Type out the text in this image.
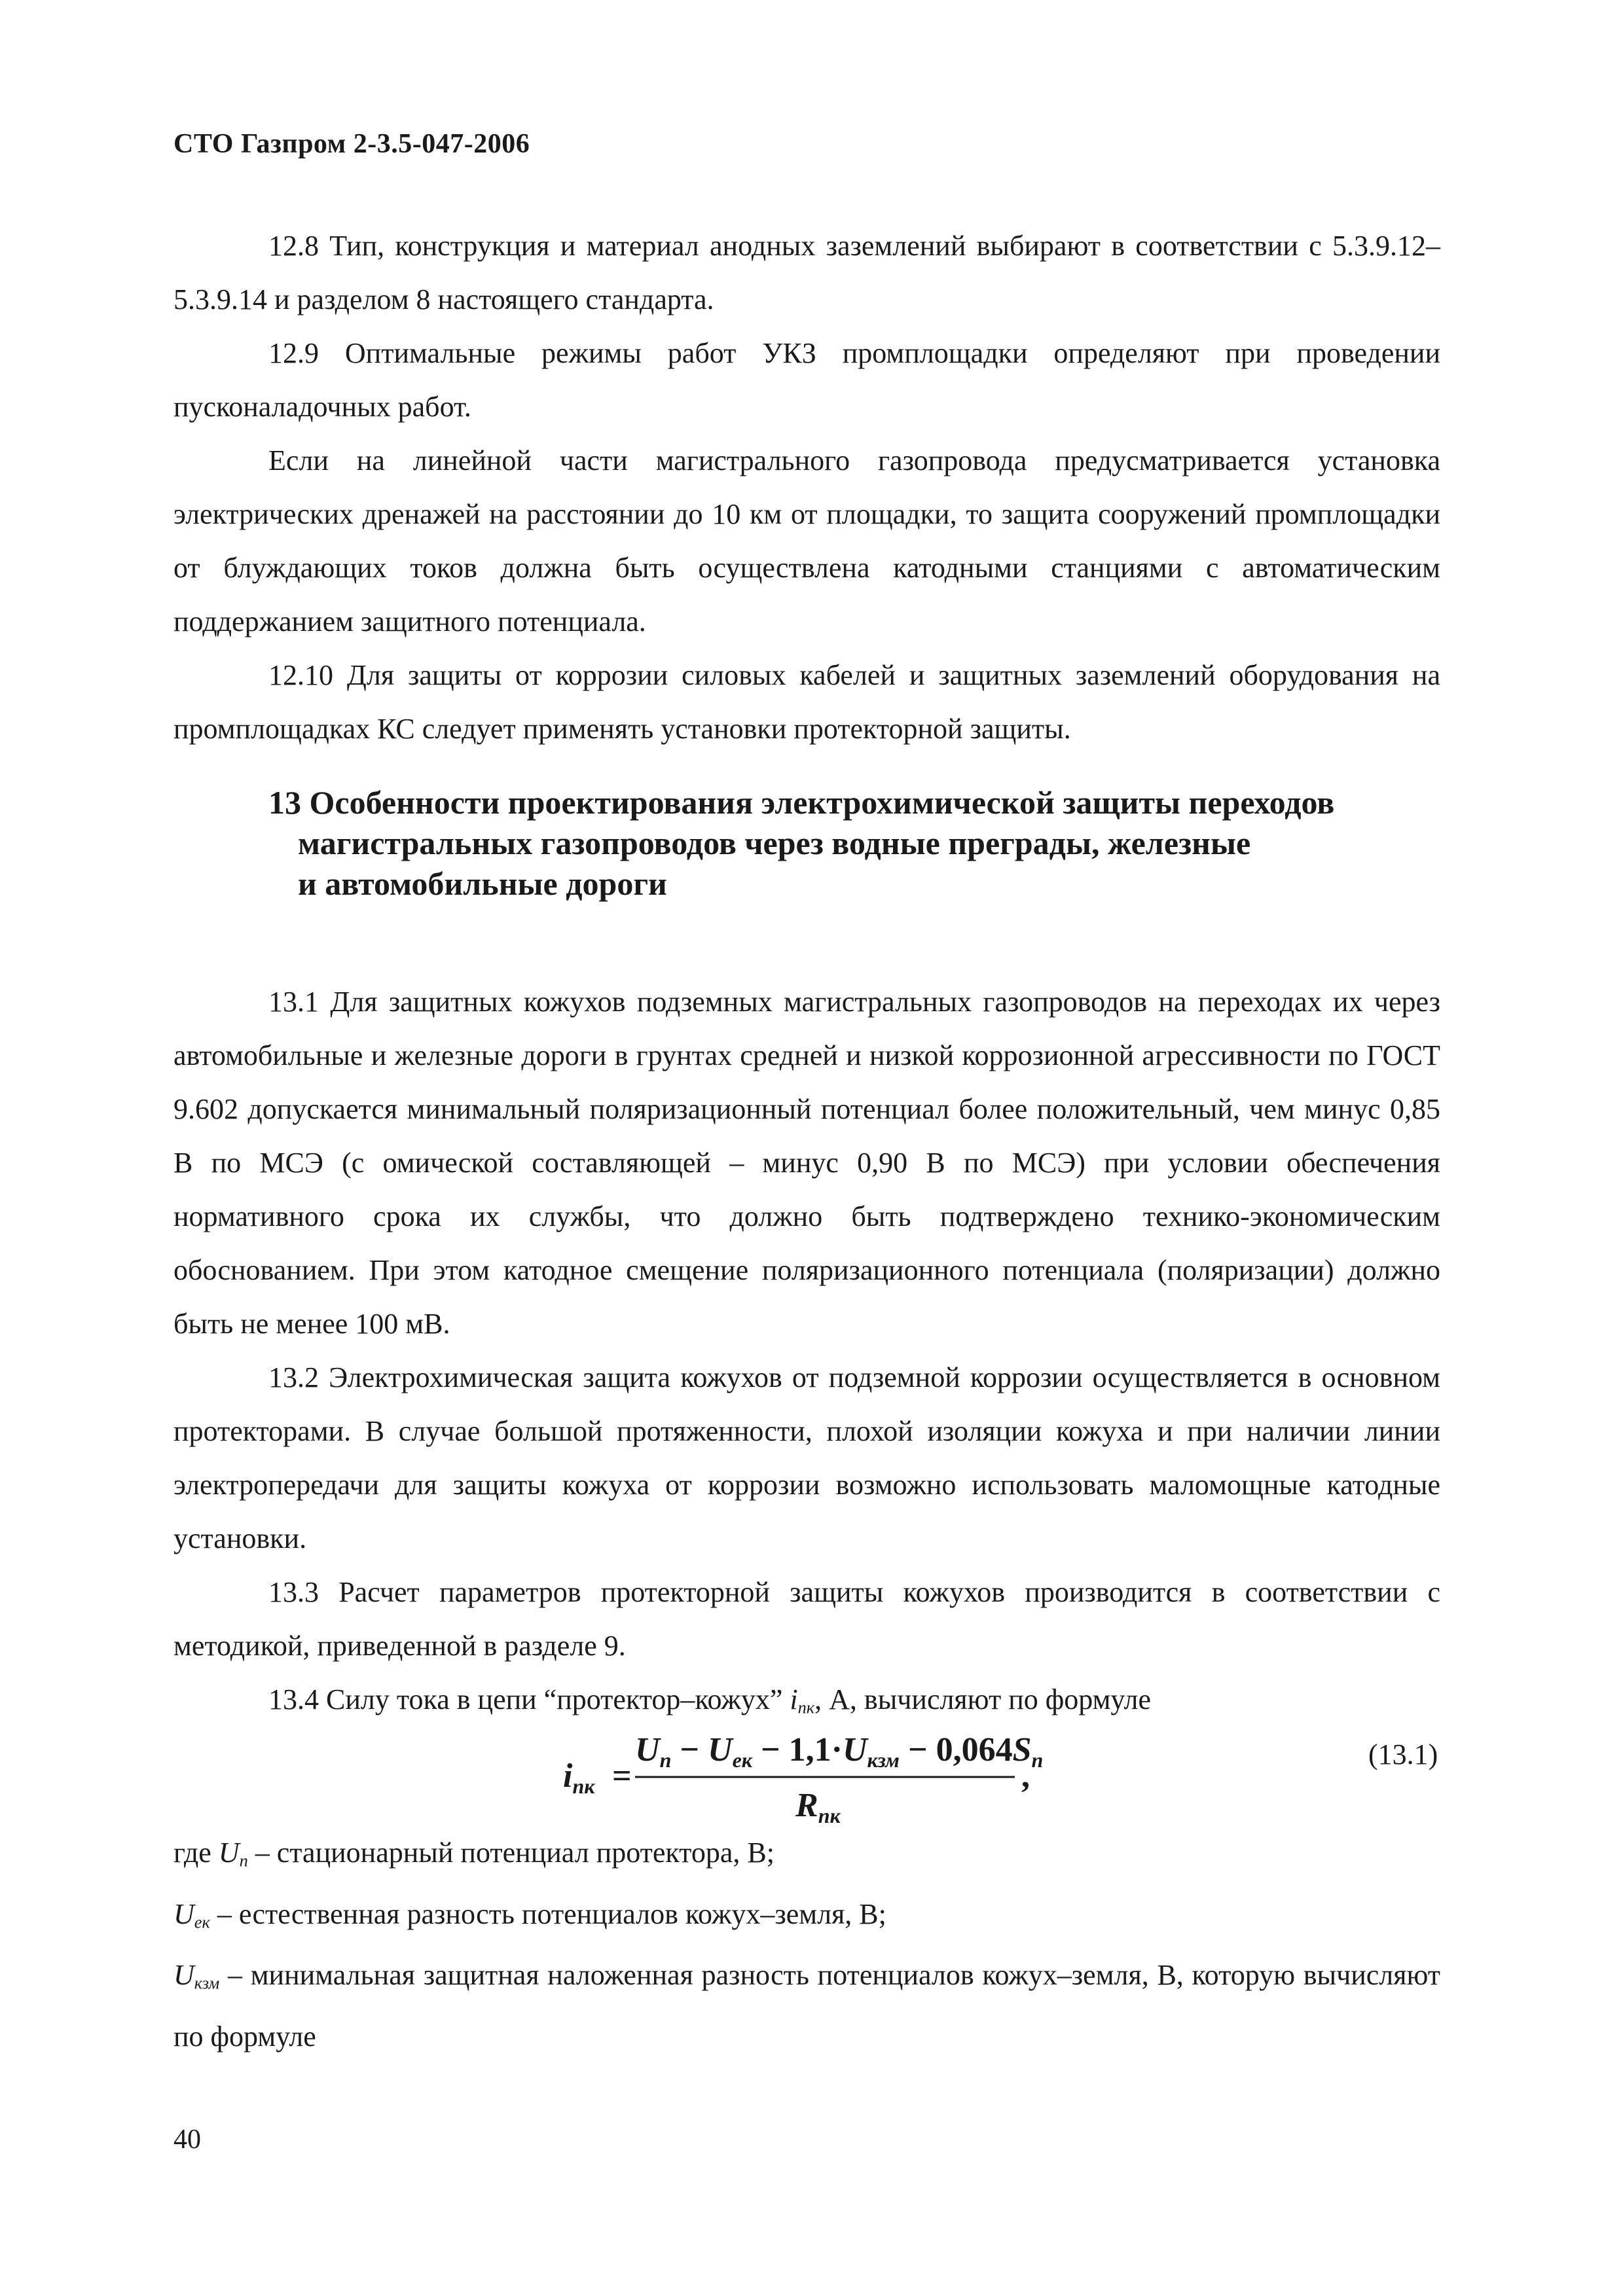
СТО Газпром 2-3.5-047-2006

12.8 Тип, конструкция и материал анодных заземлений выбирают в соответствии с 5.3.9.12–5.3.9.14 и разделом 8 настоящего стандарта.

12.9 Оптимальные режимы работ УКЗ промплощадки определяют при проведении пусконаладочных работ.

Если на линейной части магистрального газопровода предусматривается установка электрических дренажей на расстоянии до 10 км от площадки, то защита сооружений промплощадки от блуждающих токов должна быть осуществлена катодными станциями с автоматическим поддержанием защитного потенциала.

12.10 Для защиты от коррозии силовых кабелей и защитных заземлений оборудования на промплощадках КС следует применять установки протекторной защиты.

13 Особенности проектирования электрохимической защиты переходов
магистральных газопроводов через водные преграды, железные
и автомобильные дороги

13.1 Для защитных кожухов подземных магистральных газопроводов на переходах их через автомобильные и железные дороги в грунтах средней и низкой коррозионной агрессивности по ГОСТ 9.602 допускается минимальный поляризационный потенциал более положительный, чем минус 0,85 В по МСЭ (с омической составляющей – минус 0,90 В по МСЭ) при условии обеспечения нормативного срока их службы, что должно быть подтверждено технико-экономическим обоснованием. При этом катодное смещение поляризационного потенциала (поляризации) должно быть не менее 100 мВ.

13.2 Электрохимическая защита кожухов от подземной коррозии осуществляется в основном протекторами. В случае большой протяженности, плохой изоляции кожуха и при наличии линии электропередачи для защиты кожуха от коррозии возможно использовать маломощные катодные установки.

13.3 Расчет параметров протекторной защиты кожухов производится в соответствии с методикой, приведенной в разделе 9.

13.4 Силу тока в цепи “протектор–кожух” $i_{пк}$, А, вычисляют по формуле

iпк =
Uп − Uек − 1,1·Uкзм − 0,064Sп
,
Rпк
(13.1)

где $U_п$ – стационарный потенциал протектора, В;

$U_{ек}$ – естественная разность потенциалов кожух–земля, В;

$U_{кзм}$ – минимальная защитная наложенная разность потенциалов кожух–земля, В, которую вычисляют по формуле

40
